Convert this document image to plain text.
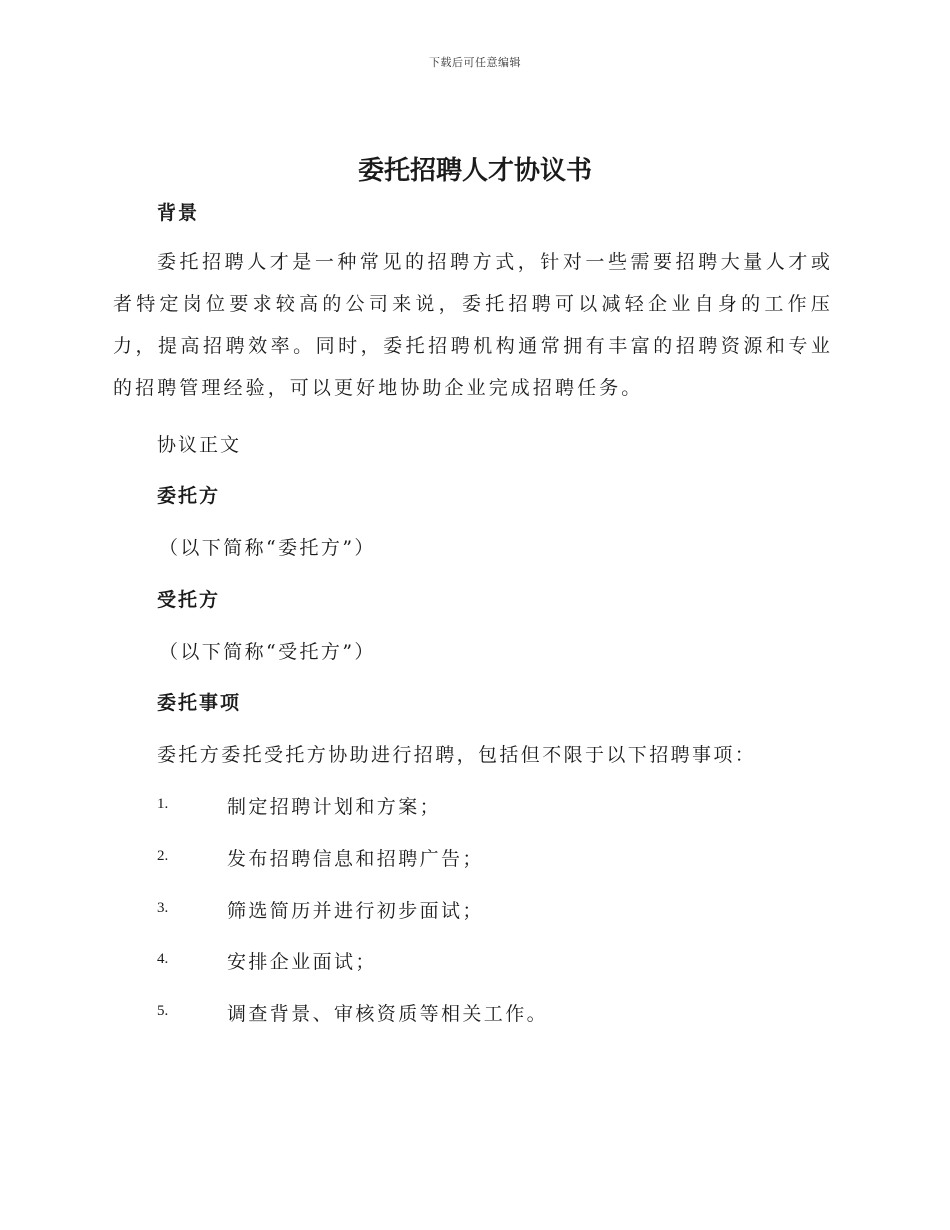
下载后可任意编辑
委托招聘人才协议书
背景
委托招聘人才是一种常见的招聘方式，针对一些需要招聘大量人才或者特定岗位要求较高的公司来说，委托招聘可以减轻企业自身的工作压力，提高招聘效率。同时，委托招聘机构通常拥有丰富的招聘资源和专业的招聘管理经验，可以更好地协助企业完成招聘任务。
协议正文
委托方
（以下简称“委托方”）
受托方
（以下简称“受托方”）
委托事项
委托方委托受托方协助进行招聘，包括但不限于以下招聘事项：
1.	制定招聘计划和方案；
2.	发布招聘信息和招聘广告；
3.	筛选简历并进行初步面试；
4.	安排企业面试；
5.	调查背景、审核资质等相关工作。
